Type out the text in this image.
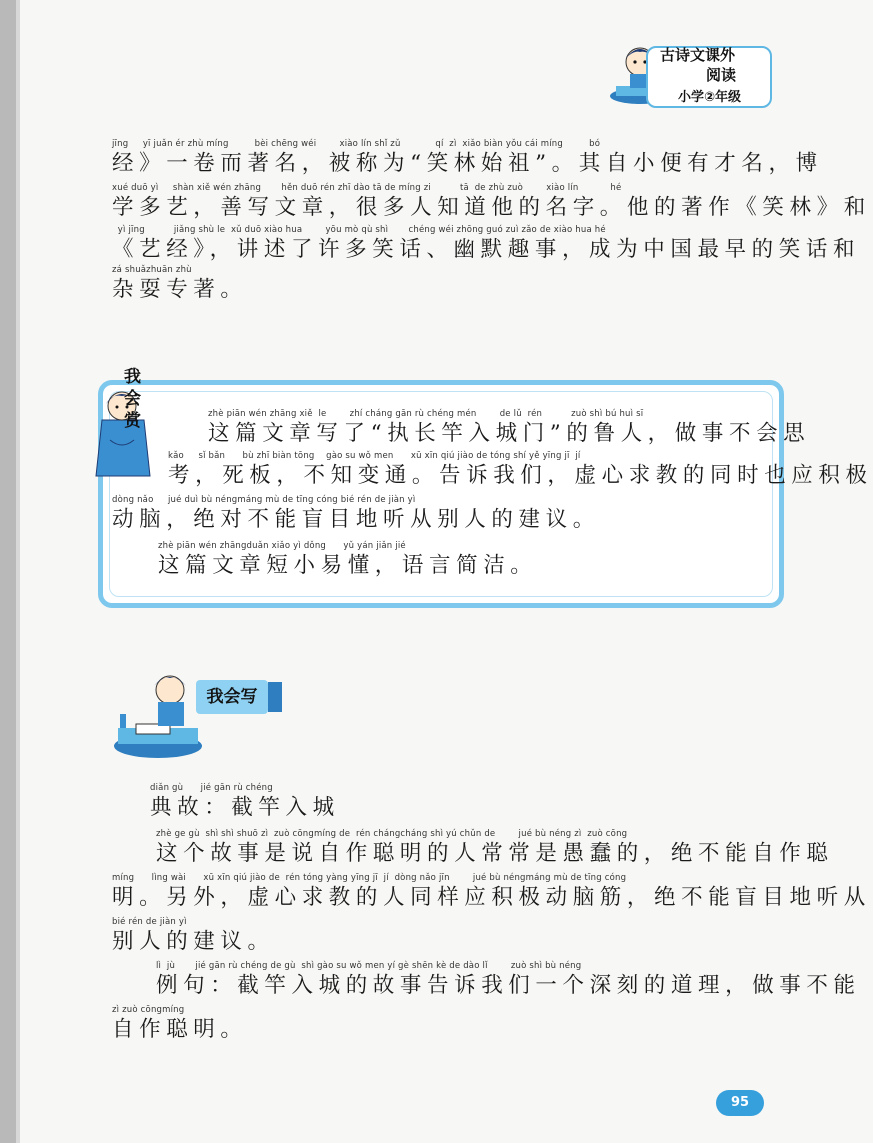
古诗文课外
阅读
小学②年级
jīng     yī juǎn ér zhù míng         bèi chēng wéi        xiào lín shǐ zǔ            qí  zì  xiǎo biàn yǒu cái míng         bó
经》一卷而著名，被称为“笑林始祖”。其自小便有才名，博
xué duō yì     shàn xiě wén zhāng       hěn duō rén zhī dào tā de míng zi          tā  de zhù zuò        xiào lín           hé
学多艺，善写文章，很多人知道他的名字。他的著作《笑林》和
yì jīng          jiǎng shù le  xǔ duō xiào hua        yōu mò qù shì       chéng wéi zhōng guó zuì zǎo de xiào hua hé
《艺经》，讲述了许多笑话、幽默趣事，成为中国最早的笑话和
zá shuǎzhuān zhù
杂耍专著。
我
会
赏	zhè piān wén zhāng xiě  le        zhí cháng gān rù chéng mén        de lǔ  rén          zuò shì bú huì sī
这篇文章写了“执长竿入城门”的鲁人，做事不会思
kǎo     sǐ bǎn      bù zhī biàn tōng    gào su wǒ men      xū xīn qiú jiào de tóng shí yě yīng jī  jí
考，死板，不知变通。告诉我们，虚心求教的同时也应积极
dòng nǎo     jué duì bù néngmáng mù de tīng cóng bié rén de jiàn yì
动脑，绝对不能盲目地听从别人的建议。
zhè piān wén zhāngduǎn xiǎo yì dǒng      yǔ yán jiǎn jié
这篇文章短小易懂，语言简洁。
我会写
diǎn gù      jié gān rù chéng
典故：截竿入城
zhè ge gù  shì shì shuō zì  zuò cōngmíng de  rén chángcháng shì yú chǔn de        jué bù néng zì  zuò cōng
这个故事是说自作聪明的人常常是愚蠢的，绝不能自作聪
míng      lìng wài      xū xīn qiú jiào de  rén tóng yàng yīng jī  jí  dòng nǎo jīn        jué bù néngmáng mù de tīng cóng
明。另外，虚心求教的人同样应积极动脑筋，绝不能盲目地听从
bié rén de jiàn yì
别人的建议。
lì  jù       jié gān rù chéng de gù  shì gào su wǒ men yí gè shēn kè de dào lǐ        zuò shì bù néng
例句：截竿入城的故事告诉我们一个深刻的道理，做事不能
zì zuò cōngmíng
自作聪明。
95
